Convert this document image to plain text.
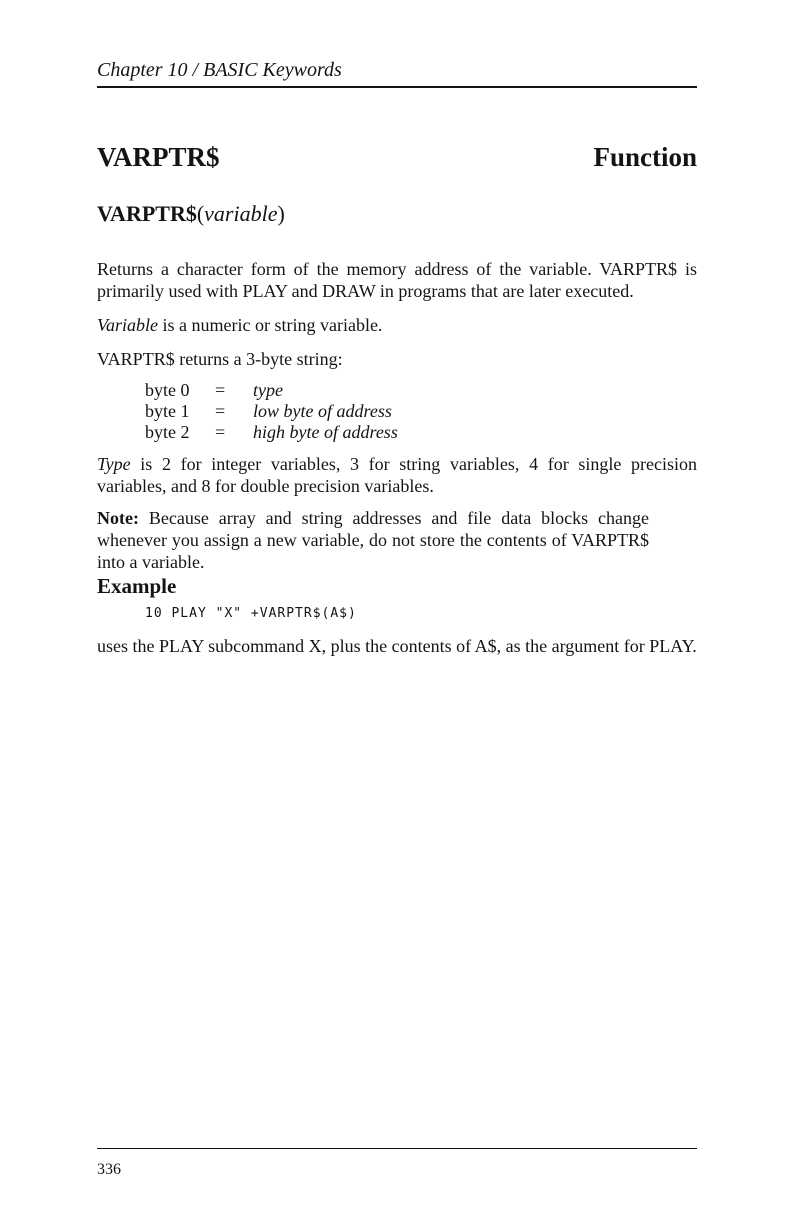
Chapter 10 / BASIC Keywords
VARPTR$	Function
VARPTR$(variable)

Returns a character form of the memory address of the variable. VARPTR$ is primarily used with PLAY and DRAW in programs that are later executed.

Variable is a numeric or string variable.

VARPTR$ returns a 3-byte string:

byte 0	=	type
byte 1	=	low byte of address
byte 2	=	high byte of address

Type is 2 for integer variables, 3 for string variables, 4 for single precision variables, and 8 for double precision variables.

Note: Because array and string addresses and file data blocks change whenever you assign a new variable, do not store the contents of VARPTR$ into a variable.

Example
10 PLAY "X" +VARPTR$(A$)

uses the PLAY subcommand X, plus the contents of A$, as the argument for PLAY.

336
